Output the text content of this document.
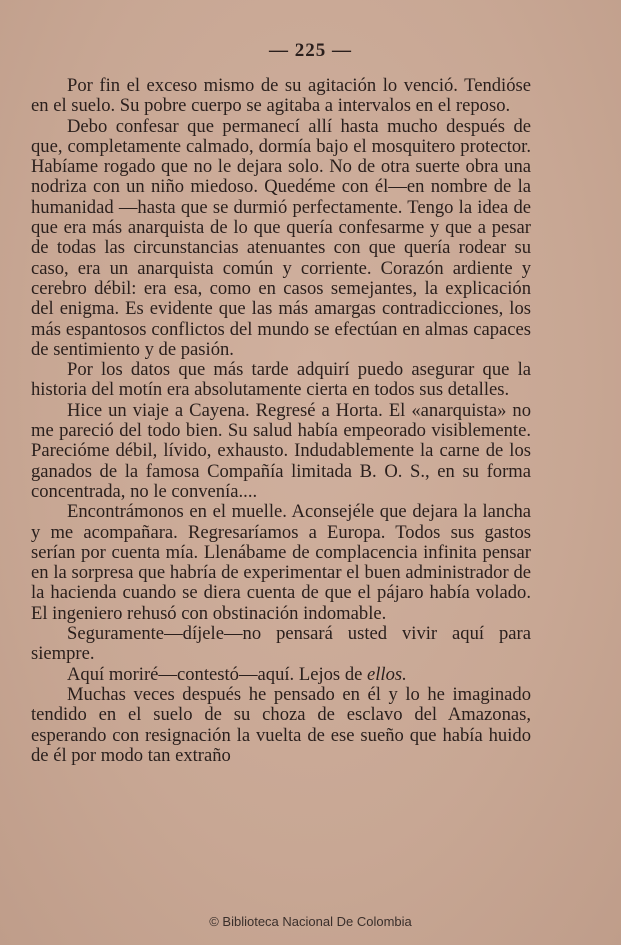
— 225 —

Por fin el exceso mismo de su agitación lo venció. Tendióse en el suelo. Su pobre cuerpo se agitaba a intervalos en el reposo.

Debo confesar que permanecí allí hasta mucho después de que, completamente calmado, dormía bajo el mosquitero protector. Habíame rogado que no le dejara solo. No de otra suerte obra una nodriza con un niño miedoso. Quedéme con él—en nombre de la humanidad —hasta que se durmió perfectamente. Tengo la idea de que era más anarquista de lo que quería confesarme y que a pesar de todas las circunstancias atenuantes con que quería rodear su caso, era un anarquista común y corriente. Corazón ardiente y cerebro débil: era esa, como en casos semejantes, la explicación del enigma. Es evidente que las más amargas contradicciones, los más espantosos conflictos del mundo se efectúan en almas capaces de sentimiento y de pasión.

Por los datos que más tarde adquirí puedo asegurar que la historia del motín era absolutamente cierta en todos sus detalles.

Hice un viaje a Cayena. Regresé a Horta. El «anarquista» no me pareció del todo bien. Su salud había empeorado visiblemente. Parecióme débil, lívido, exhausto. Indudablemente la carne de los ganados de la famosa Compañía limitada B. O. S., en su forma concentrada, no le convenía....

Encontrámonos en el muelle. Aconsejéle que dejara la lancha y me acompañara. Regresaríamos a Europa. Todos sus gastos serían por cuenta mía. Llenábame de complacencia infinita pensar en la sorpresa que habría de experimentar el buen administrador de la hacienda cuando se diera cuenta de que el pájaro había volado. El ingeniero rehusó con obstinación indomable.

Seguramente—díjele—no pensará usted vivir aquí para siempre.

Aquí moriré—contestó—aquí. Lejos de ellos.

Muchas veces después he pensado en él y lo he imaginado tendido en el suelo de su choza de esclavo del Amazonas, esperando con resignación la vuelta de ese sueño que había huido de él por modo tan extraño

© Biblioteca Nacional De Colombia
